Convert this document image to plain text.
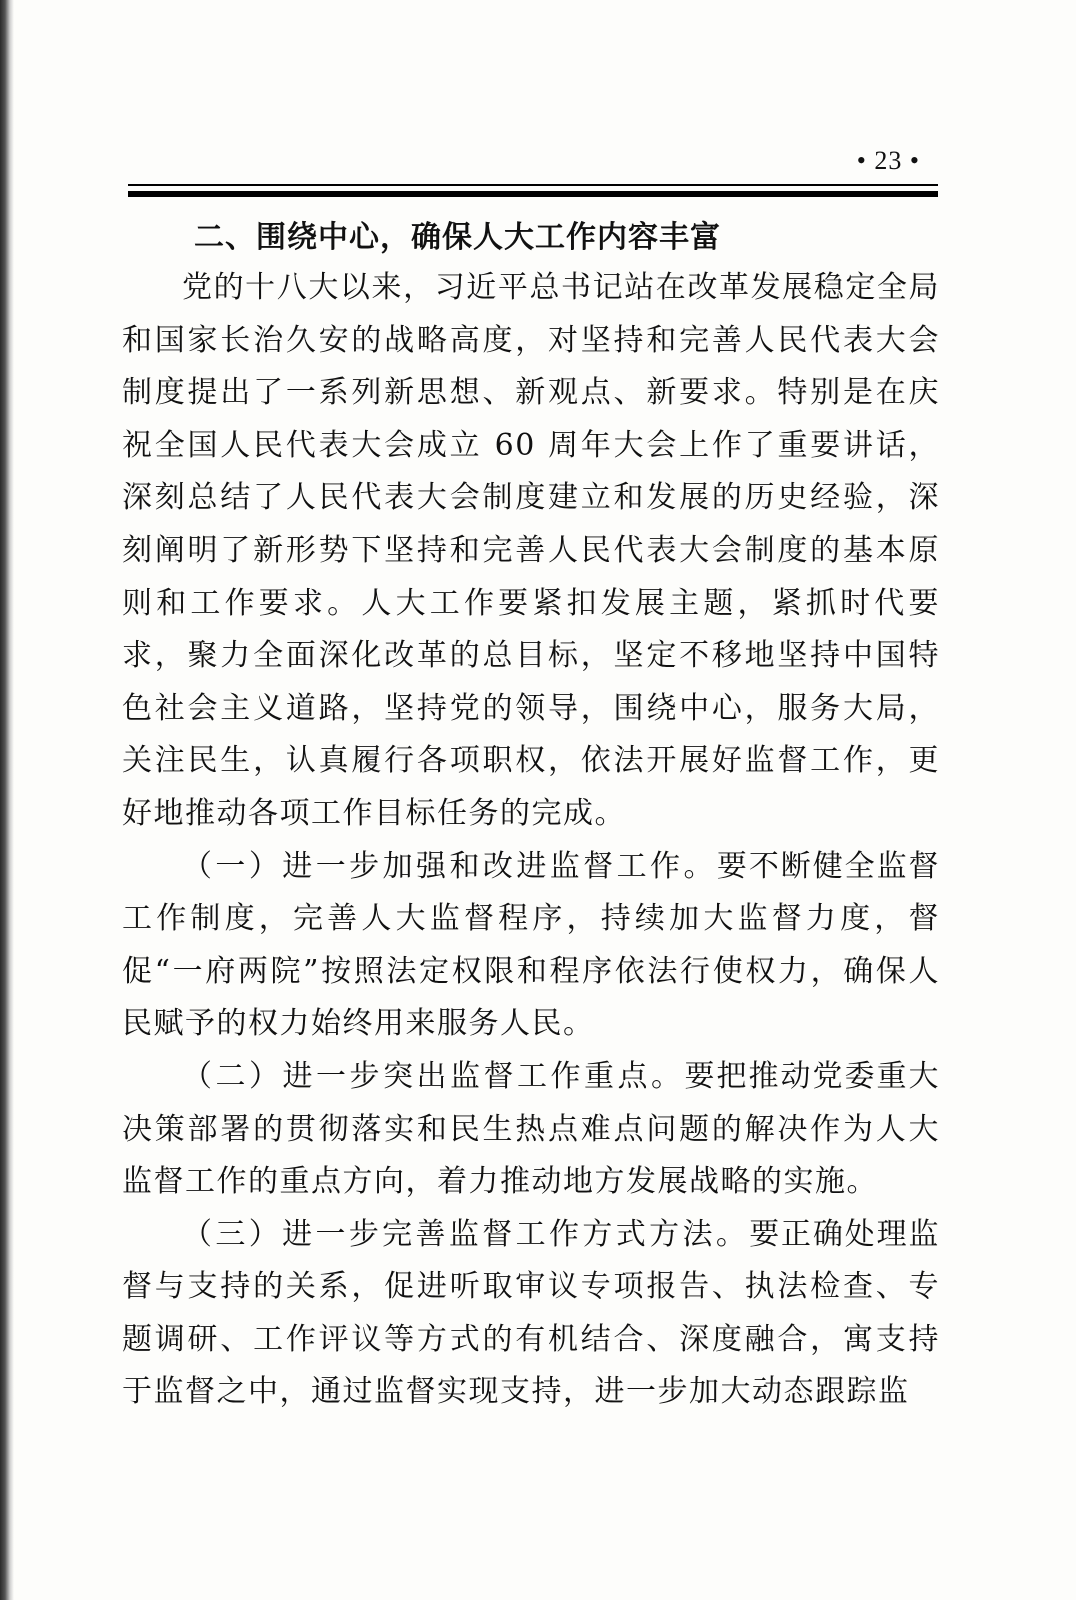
• 23 •
二、围绕中心，确保人大工作内容丰富

党的十八大以来，习近平总书记站在改革发展稳定全局和国家长治久安的战略高度，对坚持和完善人民代表大会制度提出了一系列新思想、新观点、新要求。特别是在庆祝全国人民代表大会成立 60 周年大会上作了重要讲话，深刻总结了人民代表大会制度建立和发展的历史经验，深刻阐明了新形势下坚持和完善人民代表大会制度的基本原则和工作要求。人大工作要紧扣发展主题，紧抓时代要求，聚力全面深化改革的总目标，坚定不移地坚持中国特色社会主义道路，坚持党的领导，围绕中心，服务大局，关注民生，认真履行各项职权，依法开展好监督工作，更好地推动各项工作目标任务的完成。

（一）进一步加强和改进监督工作。要不断健全监督工作制度，完善人大监督程序，持续加大监督力度，督促“一府两院”按照法定权限和程序依法行使权力，确保人民赋予的权力始终用来服务人民。

（二）进一步突出监督工作重点。要把推动党委重大决策部署的贯彻落实和民生热点难点问题的解决作为人大监督工作的重点方向，着力推动地方发展战略的实施。

（三）进一步完善监督工作方式方法。要正确处理监督与支持的关系，促进听取审议专项报告、执法检查、专题调研、工作评议等方式的有机结合、深度融合，寓支持于监督之中，通过监督实现支持，进一步加大动态跟踪监
